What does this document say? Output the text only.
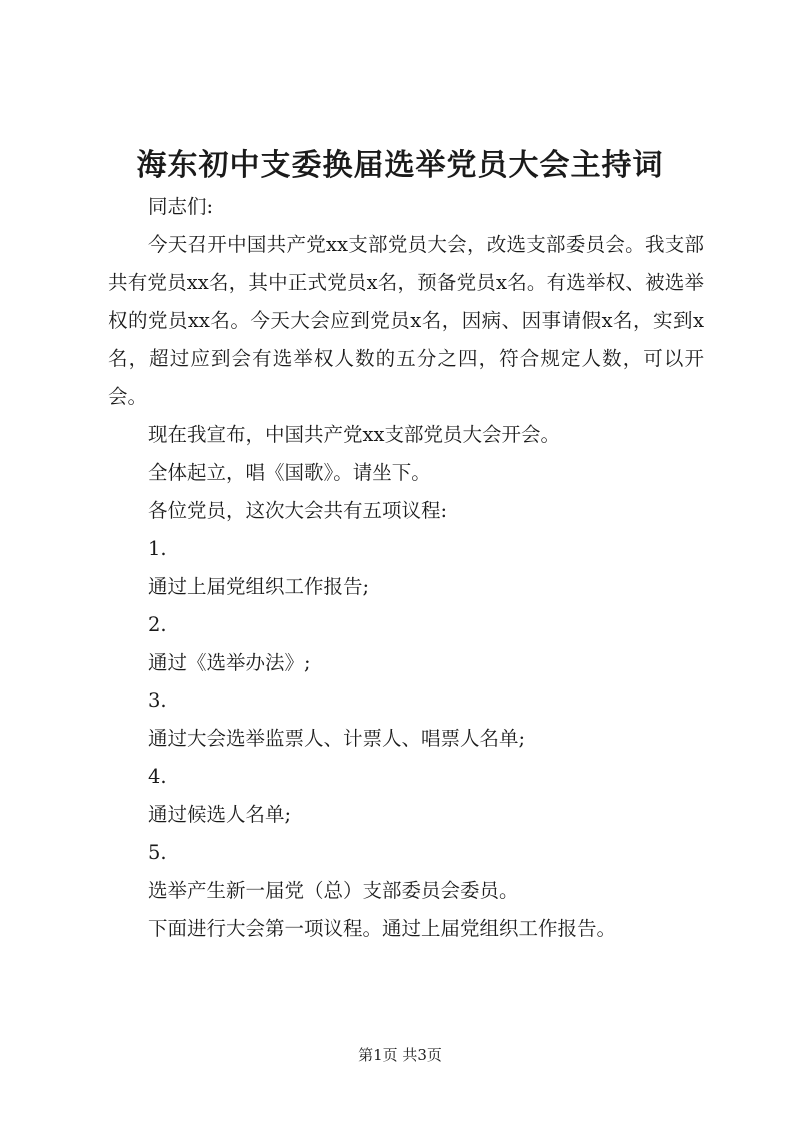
海东初中支委换届选举党员大会主持词

同志们:

今天召开中国共产党xx支部党员大会，改选支部委员会。我支部共有党员xx名，其中正式党员x名，预备党员x名。有选举权、被选举权的党员xx名。今天大会应到党员x名，因病、因事请假x名，实到x名，超过应到会有选举权人数的五分之四，符合规定人数，可以开会。

现在我宣布，中国共产党xx支部党员大会开会。

全体起立，唱《国歌》。请坐下。

各位党员，这次大会共有五项议程:

1.

通过上届党组织工作报告;

2.

通过《选举办法》;

3.

通过大会选举监票人、计票人、唱票人名单;

4.

通过候选人名单;

5.

选举产生新一届党（总）支部委员会委员。

下面进行大会第一项议程。通过上届党组织工作报告。

第1页 共3页
